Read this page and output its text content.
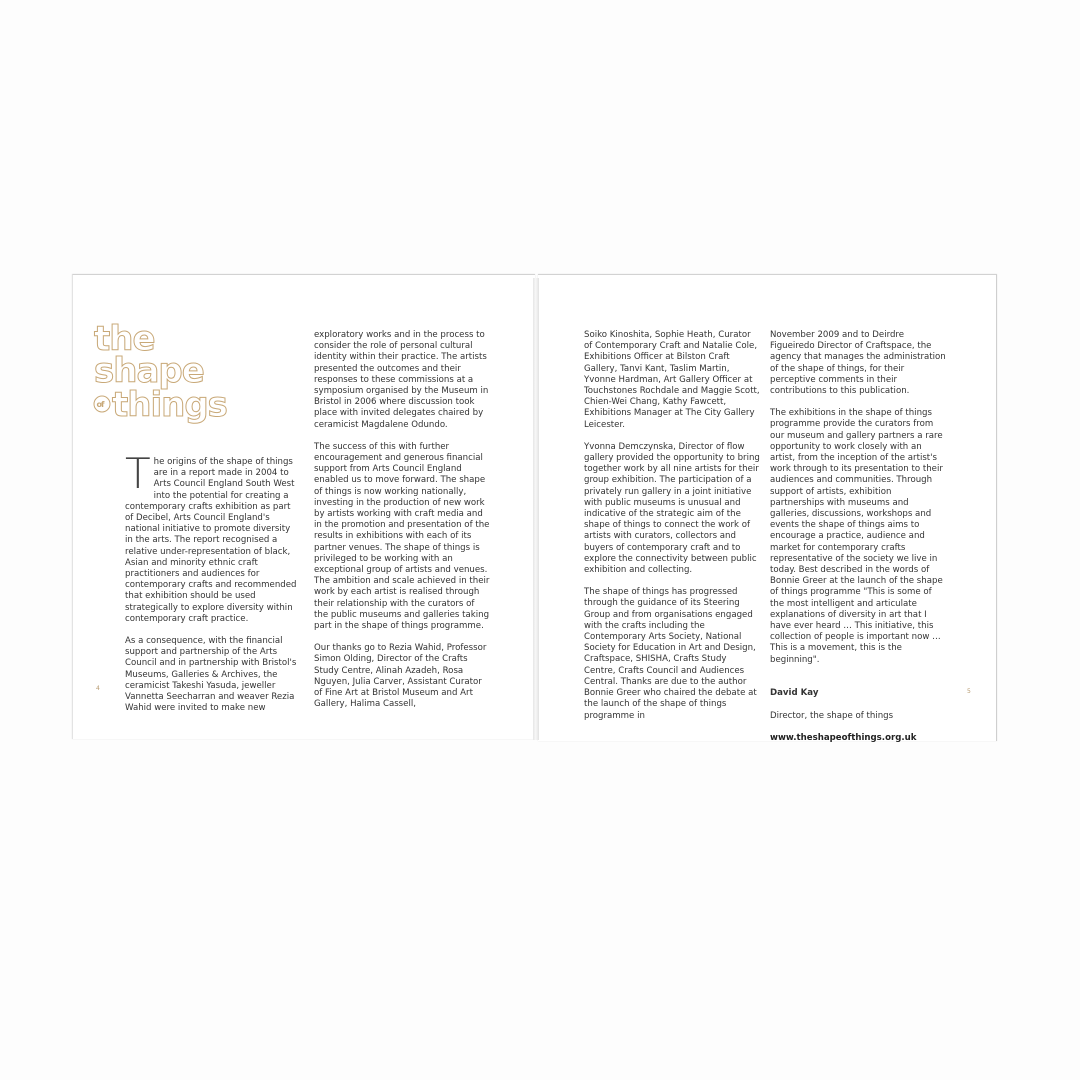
the
shape
of things

The origins of the shape of things are in a report made in 2004 to Arts Council England South West into the potential for creating a contemporary crafts exhibition as part of Decibel, Arts Council England's national initiative to promote diversity in the arts. The report recognised a relative under-representation of black, Asian and minority ethnic craft practitioners and audiences for contemporary crafts and recommended that exhibition should be used strategically to explore diversity within contemporary craft practice.

As a consequence, with the financial support and partnership of the Arts Council and in partnership with Bristol's Museums, Galleries & Archives, the ceramicist Takeshi Yasuda, jeweller Vannetta Seecharran and weaver Rezia Wahid were invited to make new

exploratory works and in the process to consider the role of personal cultural identity within their practice. The artists presented the outcomes and their responses to these commissions at a symposium organised by the Museum in Bristol in 2006 where discussion took place with invited delegates chaired by ceramicist Magdalene Odundo.

The success of this with further encouragement and generous financial support from Arts Council England enabled us to move forward. The shape of things is now working nationally, investing in the production of new work by artists working with craft media and in the promotion and presentation of the results in exhibitions with each of its partner venues. The shape of things is privileged to be working with an exceptional group of artists and venues. The ambition and scale achieved in their work by each artist is realised through their relationship with the curators of the public museums and galleries taking part in the shape of things programme.

Our thanks go to Rezia Wahid, Professor Simon Olding, Director of the Crafts Study Centre, Alinah Azadeh, Rosa Nguyen, Julia Carver, Assistant Curator of Fine Art at Bristol Museum and Art Gallery, Halima Cassell,

Soiko Kinoshita, Sophie Heath, Curator of Contemporary Craft and Natalie Cole, Exhibitions Officer at Bilston Craft Gallery, Tanvi Kant, Taslim Martin, Yvonne Hardman, Art Gallery Officer at Touchstones Rochdale and Maggie Scott, Chien-Wei Chang, Kathy Fawcett, Exhibitions Manager at The City Gallery Leicester.

Yvonna Demczynska, Director of flow gallery provided the opportunity to bring together work by all nine artists for their group exhibition. The participation of a privately run gallery in a joint initiative with public museums is unusual and indicative of the strategic aim of the shape of things to connect the work of artists with curators, collectors and buyers of contemporary craft and to explore the connectivity between public exhibition and collecting.

The shape of things has progressed through the guidance of its Steering Group and from organisations engaged with the crafts including the Contemporary Arts Society, National Society for Education in Art and Design, Craftspace, SHISHA, Crafts Study Centre, Crafts Council and Audiences Central. Thanks are due to the author Bonnie Greer who chaired the debate at the launch of the shape of things programme in

November 2009 and to Deirdre Figueiredo Director of Craftspace, the agency that manages the administration of the shape of things, for their perceptive comments in their contributions to this publication.

The exhibitions in the shape of things programme provide the curators from our museum and gallery partners a rare opportunity to work closely with an artist, from the inception of the artist's work through to its presentation to their audiences and communities. Through support of artists, exhibition partnerships with museums and galleries, discussions, workshops and events the shape of things aims to encourage a practice, audience and market for contemporary crafts representative of the society we live in today. Best described in the words of Bonnie Greer at the launch of the shape of things programme "This is some of the most intelligent and articulate explanations of diversity in art that I have ever heard … This initiative, this collection of people is important now …
This is a movement, this is the beginning".

David Kay

Director, the shape of things

www.theshapeofthings.org.uk

4	5
